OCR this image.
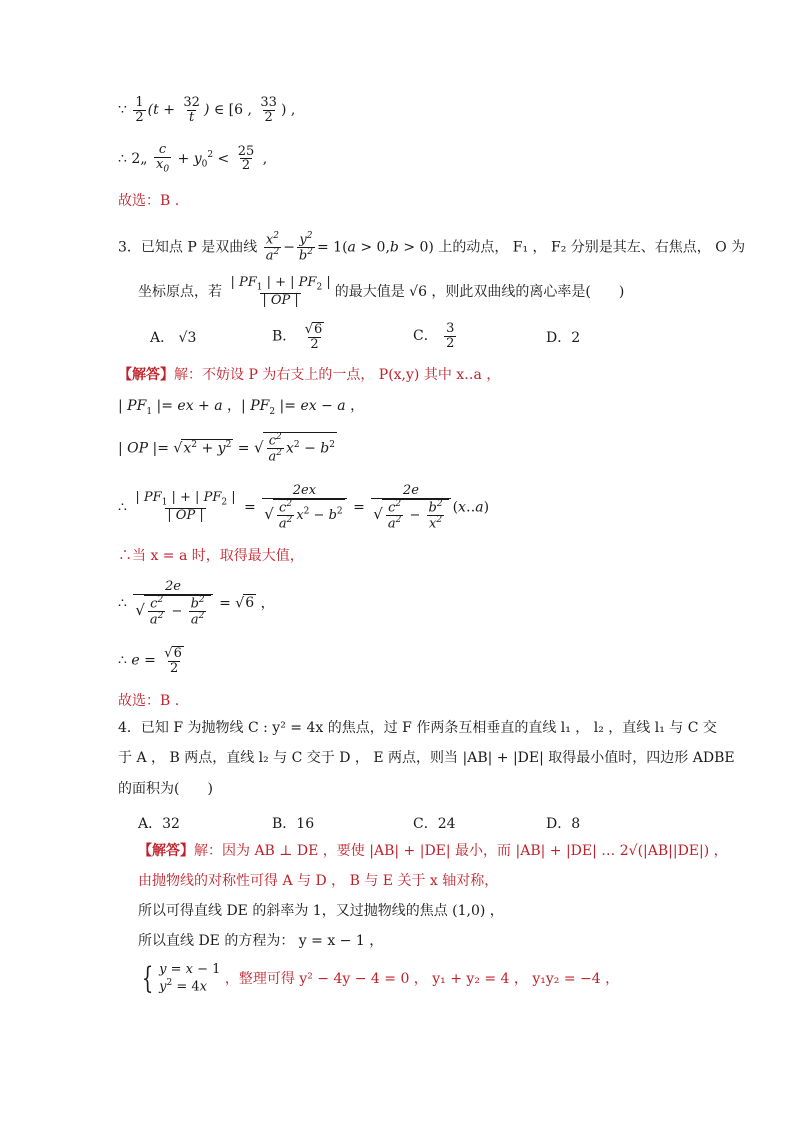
∵ $\frac{1}{2} (t + \frac{32}{t}$ ) ∈ [6 , $\frac{33}{2}$ ) ,
∴ 2„ $\frac{c}{x_0} + y_0^2 < \frac{25}{2}$ ,
故选：B .
3．已知点 P 是双曲线 $\frac{x^2}{a^2} - \frac{y^2}{b^2} = 1(a > 0,b > 0)$ 上的动点， F₁ ， F₂ 分别是其左、右焦点， O 为
坐标原点，若 $\frac{| PF_1 | + | PF_2 |}{| OP |}$ 的最大值是 √6 ，则此双曲线的离心率是(　　)
A． √3	B． $\frac{√6}{2}$	C． $\frac{3}{2}$	D．2
【解答】解：不妨设 P 为右支上的一点， P(x,y) 其中 x‥a ，
| $PF_1$ |= ex + a ，| $PF_2$ |= ex − a ，
| OP |= $√x^2 + y^2$ = √ $\frac{c^2}{a^2} x^2 - b^2$
∴ $\frac{| PF_1 | + | PF_2 |}{| OP |} = \frac{2ex}{√ \frac{c^2}{a^2} x^2 - b^2} = \frac{2e}{√ \frac{c^2}{a^2} - \frac{b^2}{x^2}}$ (x‥a)
∴当 x = a 时，取得最大值，
∴ $\frac{2e}{√ \frac{c^2}{a^2} - \frac{b^2}{a^2}} = √6$ ，
∴ $e = \frac{√6}{2}$
故选：B .
4．已知 F 为抛物线 C : y² = 4x 的焦点，过 F 作两条互相垂直的直线 l₁ ， l₂ ，直线 l₁ 与 C 交
于 A ， B 两点，直线 l₂ 与 C 交于 D ， E 两点，则当 |AB| + |DE| 取得最小值时，四边形 ADBE
的面积为(　　)
A．32	B．16	C．24	D．8
【解答】解：因为 AB ⊥ DE ，要使 |AB| + |DE| 最小，而 |AB| + |DE| … 2√(|AB||DE|) ，
由抛物线的对称性可得 A 与 D ， B 与 E 关于 x 轴对称，
所以可得直线 DE 的斜率为 1，又过抛物线的焦点 (1,0) ，
所以直线 DE 的方程为： y = x − 1 ，
{ y = x − 1
$y^2 = 4x$
，整理可得 y² − 4y − 4 = 0 ， y₁ + y₂ = 4 ， y₁y₂ = −4 ，
